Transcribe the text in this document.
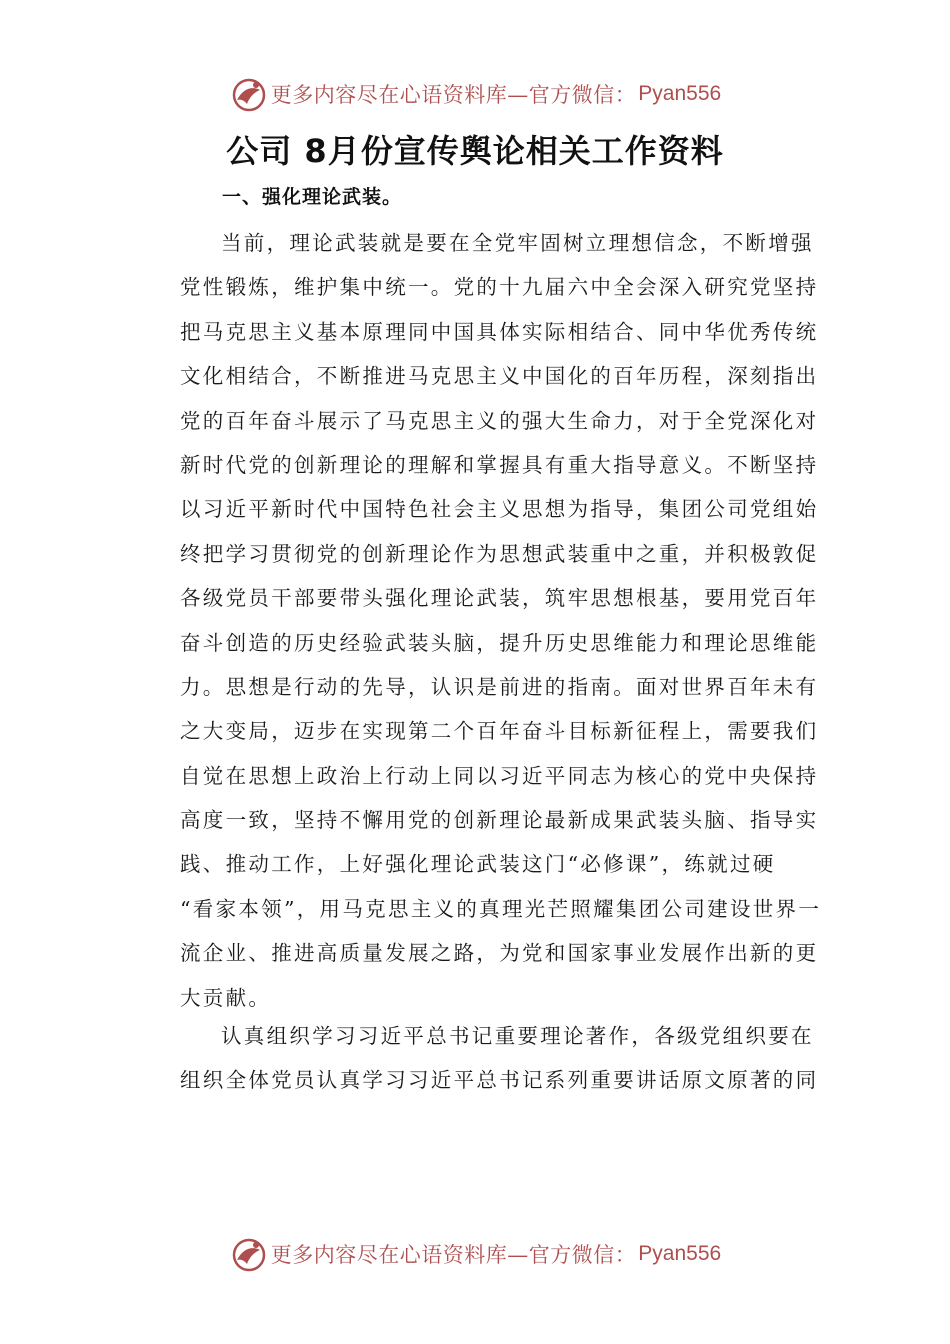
更多内容尽在心语资料库—官方微信： Pyan556
公司 8月份宣传舆论相关工作资料
一、强化理论武装。
当前，理论武装就是要在全党牢固树立理想信念，不断增强
党性锻炼，维护集中统一。党的十九届六中全会深入研究党坚持
把马克思主义基本原理同中国具体实际相结合、同中华优秀传统
文化相结合，不断推进马克思主义中国化的百年历程，深刻指出
党的百年奋斗展示了马克思主义的强大生命力，对于全党深化对
新时代党的创新理论的理解和掌握具有重大指导意义。不断坚持
以习近平新时代中国特色社会主义思想为指导，集团公司党组始
终把学习贯彻党的创新理论作为思想武装重中之重，并积极敦促
各级党员干部要带头强化理论武装，筑牢思想根基，要用党百年
奋斗创造的历史经验武装头脑，提升历史思维能力和理论思维能
力。思想是行动的先导，认识是前进的指南。面对世界百年未有
之大变局，迈步在实现第二个百年奋斗目标新征程上，需要我们
自觉在思想上政治上行动上同以习近平同志为核心的党中央保持
高度一致，坚持不懈用党的创新理论最新成果武装头脑、指导实
践、推动工作，上好强化理论武装这门“必修课”，练就过硬
“看家本领”，用马克思主义的真理光芒照耀集团公司建设世界一
流企业、推进高质量发展之路，为党和国家事业发展作出新的更
大贡献。
认真组织学习习近平总书记重要理论著作，各级党组织要在
组织全体党员认真学习习近平总书记系列重要讲话原文原著的同
更多内容尽在心语资料库—官方微信： Pyan556
